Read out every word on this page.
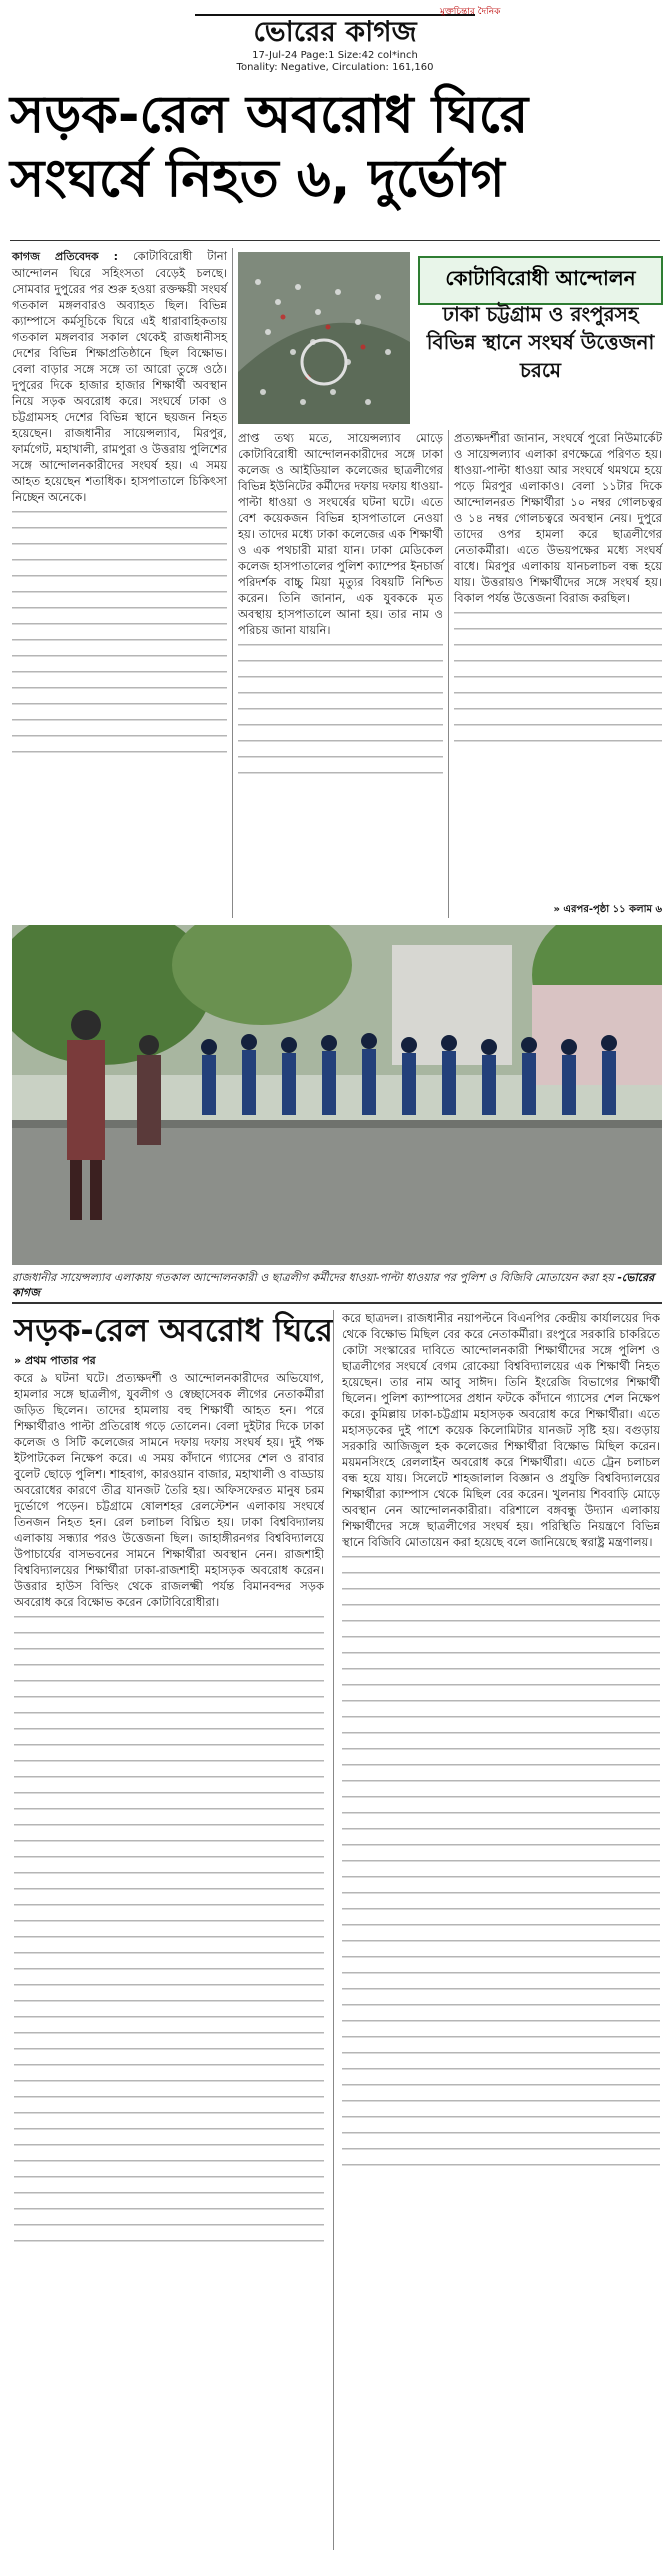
ভোরের কাগজ
মুক্তচিন্তার দৈনিক
17-Jul-24 Page:1 Size:42 col*inch
Tonality: Negative, Circulation: 161,160
সড়ক-রেল অবরোধ ঘিরে
সংঘর্ষে নিহত ৬, দুর্ভোগ
কাগজ প্রতিবেদক : কোটাবিরোধী টানা আন্দোলন ঘিরে সহিংসতা বেড়েই চলছে। সোমবার দুপুরের পর শুরু হওয়া রক্তক্ষয়ী সংঘর্ষ গতকাল মঙ্গলবারও অব্যাহত ছিল। বিভিন্ন ক্যাম্পাসে কর্মসূচিকে ঘিরে এই ধারাবাহিকতায় গতকাল মঙ্গলবার সকাল থেকেই রাজধানীসহ দেশের বিভিন্ন শিক্ষাপ্রতিষ্ঠানে ছিল বিক্ষোভ। বেলা বাড়ার সঙ্গে সঙ্গে তা আরো তুঙ্গে ওঠে। দুপুরের দিকে হাজার হাজার শিক্ষার্থী অবস্থান নিয়ে সড়ক অবরোধ করে। সংঘর্ষে ঢাকা ও চট্টগ্রামসহ দেশের বিভিন্ন স্থানে ছয়জন নিহত হয়েছেন। রাজধানীর সায়েন্সল্যাব, মিরপুর, ফার্মগেট, মহাখালী, রামপুরা ও উত্তরায় পুলিশের সঙ্গে আন্দোলনকারীদের সংঘর্ষ হয়। এ সময় আহত হয়েছেন শতাধিক। হাসপাতালে চিকিৎসা নিচ্ছেন অনেকে।
কোটাবিরোধী আন্দোলন
ঢাকা চট্টগ্রাম ও রংপুরসহ বিভিন্ন স্থানে সংঘর্ষ উত্তেজনা চরমে
প্রাপ্ত তথ্য মতে, সায়েন্সল্যাব মোড়ে কোটাবিরোধী আন্দোলনকারীদের সঙ্গে ঢাকা কলেজ ও আইডিয়াল কলেজের ছাত্রলীগের বিভিন্ন ইউনিটের কর্মীদের দফায় দফায় ধাওয়া-পাল্টা ধাওয়া ও সংঘর্ষের ঘটনা ঘটে। এতে বেশ কয়েকজন বিভিন্ন হাসপাতালে নেওয়া হয়। তাদের মধ্যে ঢাকা কলেজের এক শিক্ষার্থী ও এক পথচারী মারা যান। ঢাকা মেডিকেল কলেজ হাসপাতালের পুলিশ ক্যাম্পের ইনচার্জ পরিদর্শক বাচ্চু মিয়া মৃত্যুর বিষয়টি নিশ্চিত করেন। তিনি জানান, এক যুবককে মৃত অবস্থায় হাসপাতালে আনা হয়। তার নাম ও পরিচয় জানা যায়নি।
প্রত্যক্ষদর্শীরা জানান, সংঘর্ষে পুরো নিউমার্কেট ও সায়েন্সল্যাব এলাকা রণক্ষেত্রে পরিণত হয়। ধাওয়া-পাল্টা ধাওয়া আর সংঘর্ষে থমথমে হয়ে পড়ে মিরপুর এলাকাও। বেলা ১১টার দিকে আন্দোলনরত শিক্ষার্থীরা ১০ নম্বর গোলচত্বর ও ১৪ নম্বর গোলচত্বরে অবস্থান নেয়। দুপুরে তাদের ওপর হামলা করে ছাত্রলীগের নেতাকর্মীরা। এতে উভয়পক্ষের মধ্যে সংঘর্ষ বাধে। মিরপুর এলাকায় যানচলাচল বন্ধ হয়ে যায়। উত্তরায়ও শিক্ষার্থীদের সঙ্গে সংঘর্ষ হয়। বিকাল পর্যন্ত উত্তেজনা বিরাজ করছিল।
» এরপর-পৃষ্ঠা ১১ কলাম ৬
রাজধানীর সায়েন্সল্যাব এলাকায় গতকাল আন্দোলনকারী ও ছাত্রলীগ কর্মীদের ধাওয়া-পাল্টা ধাওয়ার পর পুলিশ ও বিজিবি মোতায়েন করা হয় -ভোরের কাগজ
সড়ক-রেল অবরোধ ঘিরে
» প্রথম পাতার পর
করে ৯ ঘটনা ঘটে। প্রত্যক্ষদর্শী ও আন্দোলনকারীদের অভিযোগ, হামলার সঙ্গে ছাত্রলীগ, যুবলীগ ও স্বেচ্ছাসেবক লীগের নেতাকর্মীরা জড়িত ছিলেন। তাদের হামলায় বহু শিক্ষার্থী আহত হন। পরে শিক্ষার্থীরাও পাল্টা প্রতিরোধ গড়ে তোলেন। বেলা দুইটার দিকে ঢাকা কলেজ ও সিটি কলেজের সামনে দফায় দফায় সংঘর্ষ হয়। দুই পক্ষ ইটপাটকেল নিক্ষেপ করে। এ সময় কাঁদানে গ্যাসের শেল ও রাবার বুলেট ছোড়ে পুলিশ। শাহবাগ, কারওয়ান বাজার, মহাখালী ও বাড্ডায় অবরোধের কারণে তীব্র যানজট তৈরি হয়। অফিসফেরত মানুষ চরম দুর্ভোগে পড়েন। চট্টগ্রামে ষোলশহর রেলস্টেশন এলাকায় সংঘর্ষে তিনজন নিহত হন। রেল চলাচল বিঘ্নিত হয়। ঢাকা বিশ্ববিদ্যালয় এলাকায় সন্ধ্যার পরও উত্তেজনা ছিল। জাহাঙ্গীরনগর বিশ্ববিদ্যালয়ে উপাচার্যের বাসভবনের সামনে শিক্ষার্থীরা অবস্থান নেন। রাজশাহী বিশ্ববিদ্যালয়ের শিক্ষার্থীরা ঢাকা-রাজশাহী মহাসড়ক অবরোধ করেন। উত্তরার হাউস বিল্ডিং থেকে রাজলক্ষ্মী পর্যন্ত বিমানবন্দর সড়ক অবরোধ করে বিক্ষোভ করেন কোটাবিরোধীরা।
করে ছাত্রদল। রাজধানীর নয়াপল্টনে বিএনপির কেন্দ্রীয় কার্যালয়ের দিক থেকে বিক্ষোভ মিছিল বের করে নেতাকর্মীরা। রংপুরে সরকারি চাকরিতে কোটা সংস্কারের দাবিতে আন্দোলনকারী শিক্ষার্থীদের সঙ্গে পুলিশ ও ছাত্রলীগের সংঘর্ষে বেগম রোকেয়া বিশ্ববিদ্যালয়ের এক শিক্ষার্থী নিহত হয়েছেন। তার নাম আবু সাঈদ। তিনি ইংরেজি বিভাগের শিক্ষার্থী ছিলেন। পুলিশ ক্যাম্পাসের প্রধান ফটকে কাঁদানে গ্যাসের শেল নিক্ষেপ করে। কুমিল্লায় ঢাকা-চট্টগ্রাম মহাসড়ক অবরোধ করে শিক্ষার্থীরা। এতে মহাসড়কের দুই পাশে কয়েক কিলোমিটার যানজট সৃষ্টি হয়। বগুড়ায় সরকারি আজিজুল হক কলেজের শিক্ষার্থীরা বিক্ষোভ মিছিল করেন। ময়মনসিংহে রেললাইন অবরোধ করে শিক্ষার্থীরা। এতে ট্রেন চলাচল বন্ধ হয়ে যায়। সিলেটে শাহজালাল বিজ্ঞান ও প্রযুক্তি বিশ্ববিদ্যালয়ের শিক্ষার্থীরা ক্যাম্পাস থেকে মিছিল বের করেন। খুলনায় শিববাড়ি মোড়ে অবস্থান নেন আন্দোলনকারীরা। বরিশালে বঙ্গবন্ধু উদ্যান এলাকায় শিক্ষার্থীদের সঙ্গে ছাত্রলীগের সংঘর্ষ হয়। পরিস্থিতি নিয়ন্ত্রণে বিভিন্ন স্থানে বিজিবি মোতায়েন করা হয়েছে বলে জানিয়েছে স্বরাষ্ট্র মন্ত্রণালয়।
